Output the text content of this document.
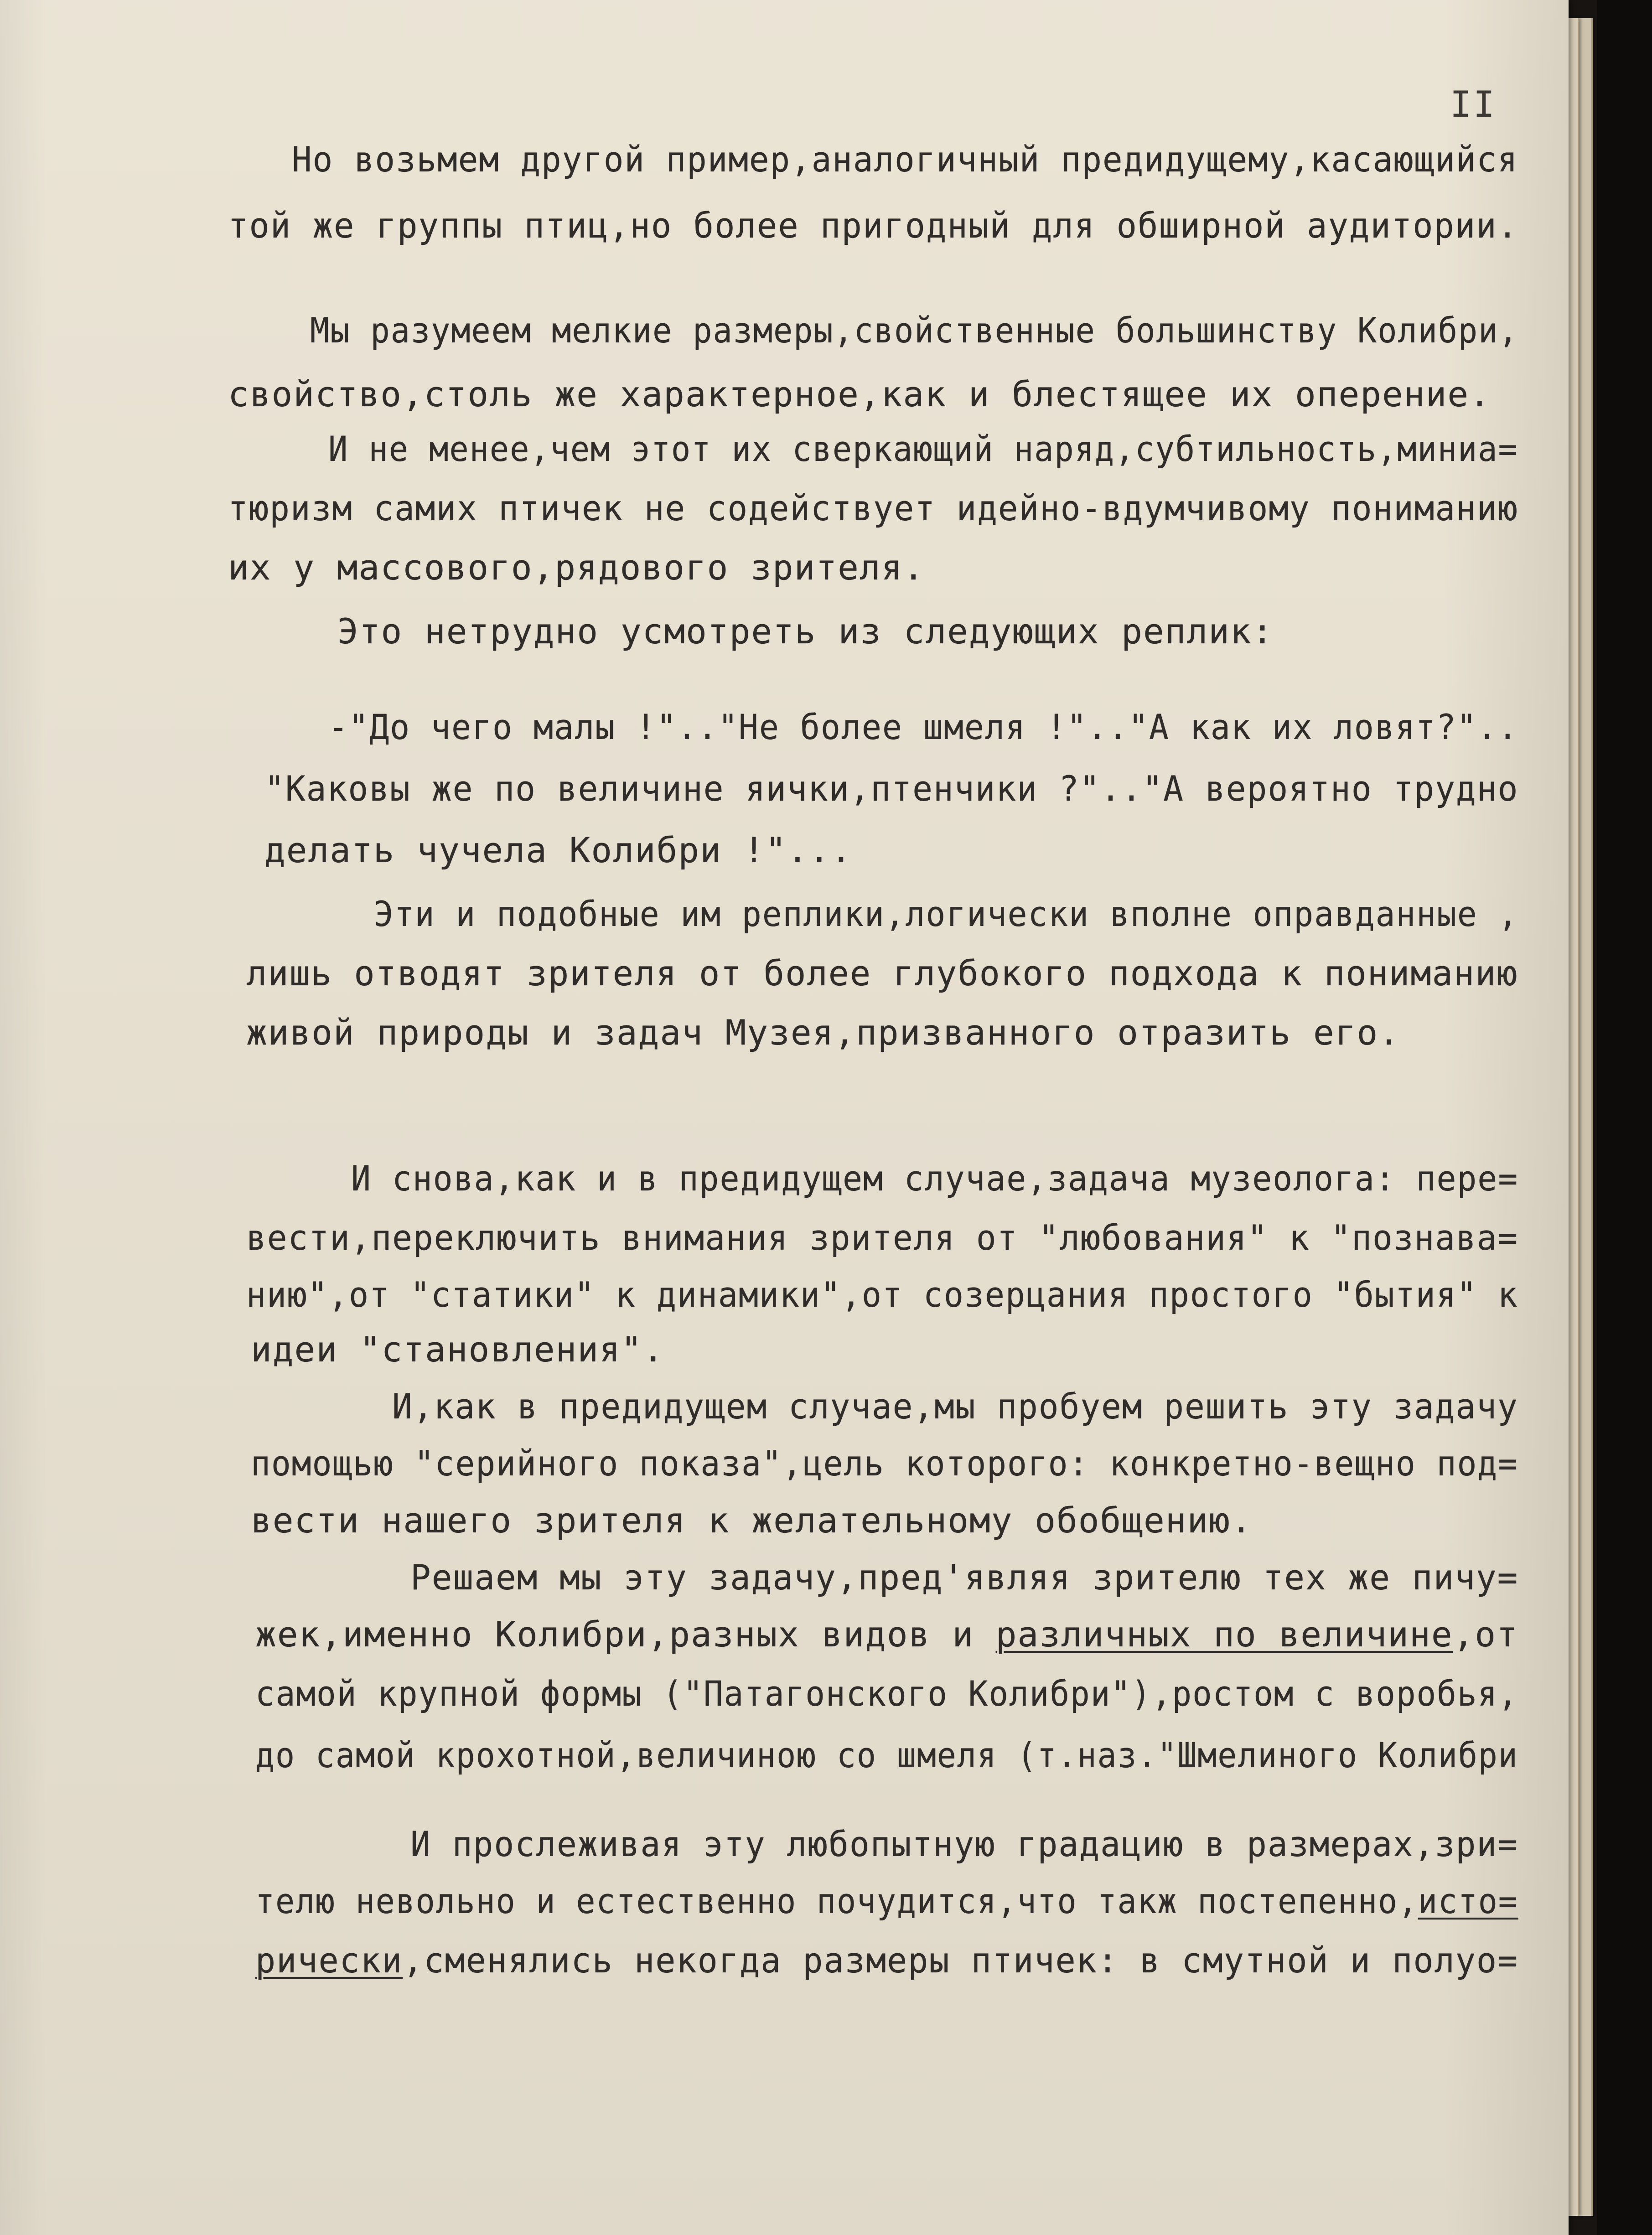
II
Но возьмем другой пример,аналогичный предидущему,касающийся
той же группы птиц,но более пригодный для обширной аудитории.
Мы разумеем мелкие размеры,свойственные большинству Колибри,
свойство,столь же характерное,как и блестящее их оперение.
И не менее,чем этот их сверкающий наряд,субтильность,миниа=
тюризм самих птичек не содействует идейно-вдумчивому пониманию
их у массового,рядового зрителя.
Это нетрудно усмотреть из следующих реплик:
-"До чего малы !".."Не более шмеля !".."А как их ловят?"..
"Каковы же по величине яички,птенчики ?".."А вероятно трудно
делать чучела Колибри !"...
Эти и подобные им реплики,логически вполне оправданные ,
лишь отводят зрителя от более глубокого подхода к пониманию
живой природы и задач Музея,призванного отразить его.
И снова,как и в предидущем случае,задача музеолога: пере=
вести,переключить внимания зрителя от "любования" к "познава=
нию",от "статики" к динамики",от созерцания простого "бытия" к
идеи "становления".
И,как в предидущем случае,мы пробуем решить эту задачу
помощью "серийного показа",цель которого: конкретно-вещно под=
вести нашего зрителя к желательному обобщению.
Решаем мы эту задачу,пред'являя зрителю тех же пичу=
жек,именно Колибри,разных видов и различных по величине,от
самой крупной формы ("Патагонского Колибри"),ростом с воробья,
до самой крохотной,величиною со шмеля (т.наз."Шмелиного Колибри
И прослеживая эту любопытную градацию в размерах,зри=
телю невольно и естественно почудится,что такж постепенно,исто=
рически,сменялись некогда размеры птичек: в смутной и полуо=
